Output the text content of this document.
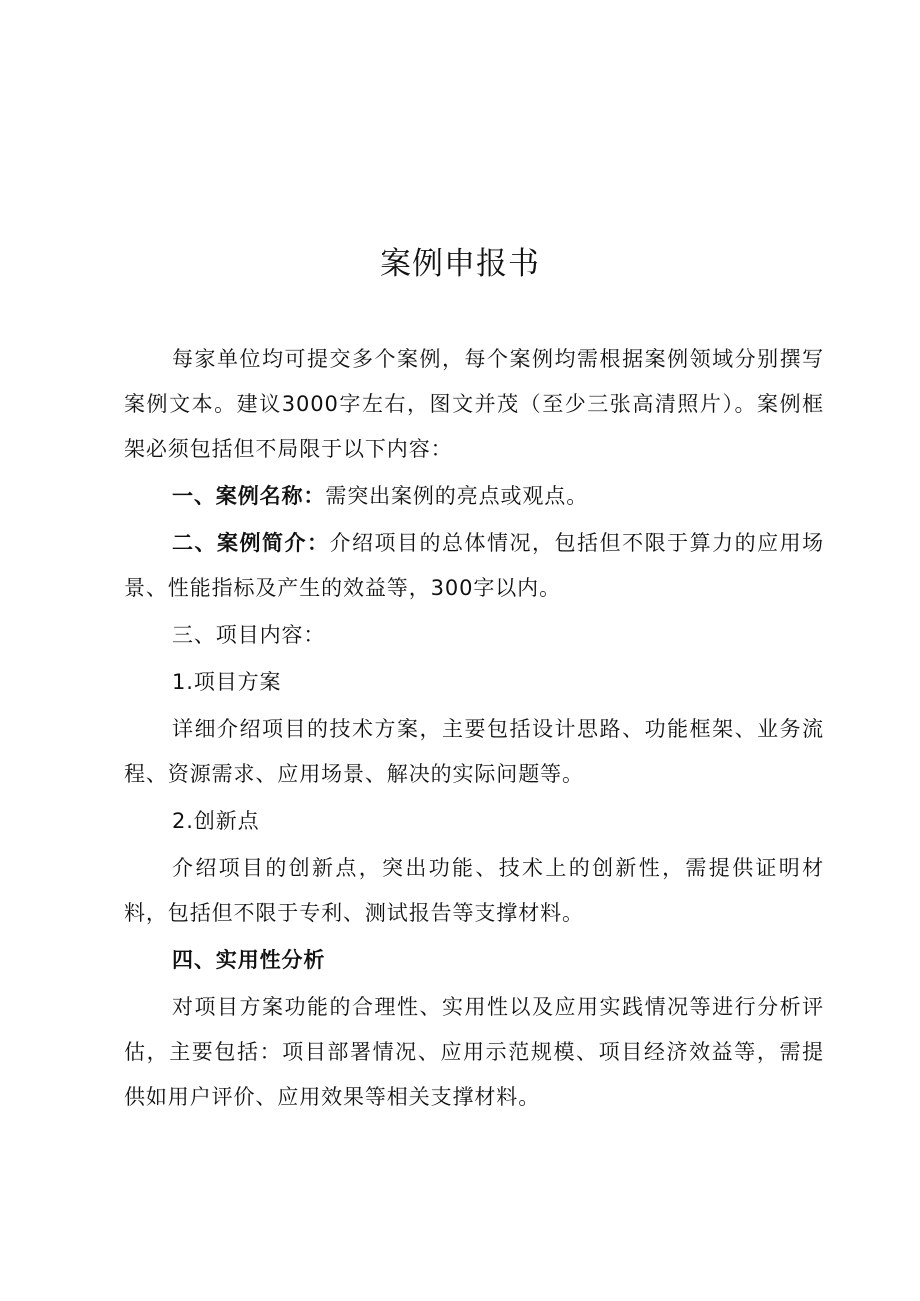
案例申报书

每家单位均可提交多个案例，每个案例均需根据案例领域分别撰写案例文本。建议3000字左右，图文并茂（至少三张高清照片）。案例框架必须包括但不局限于以下内容：

一、案例名称：需突出案例的亮点或观点。

二、案例简介：介绍项目的总体情况，包括但不限于算力的应用场景、性能指标及产生的效益等，300字以内。

三、项目内容：

1.项目方案

详细介绍项目的技术方案，主要包括设计思路、功能框架、业务流程、资源需求、应用场景、解决的实际问题等。

2.创新点

介绍项目的创新点，突出功能、技术上的创新性，需提供证明材料，包括但不限于专利、测试报告等支撑材料。

四、实用性分析

对项目方案功能的合理性、实用性以及应用实践情况等进行分析评估，主要包括：项目部署情况、应用示范规模、项目经济效益等，需提供如用户评价、应用效果等相关支撑材料。
